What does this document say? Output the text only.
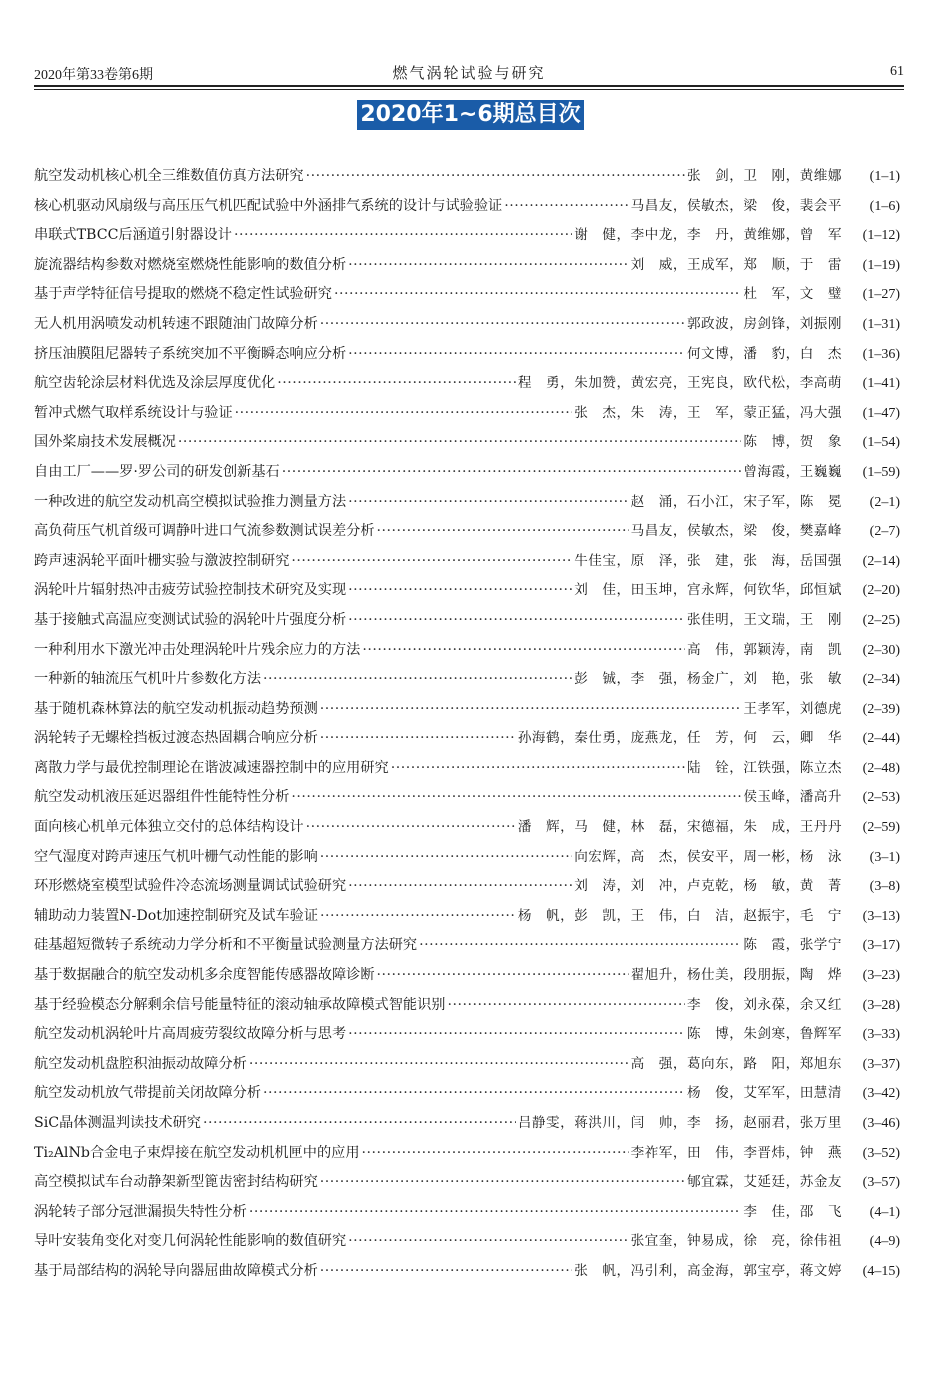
2020年第33卷第6期	燃气涡轮试验与研究	61
2020年1~6期总目次
航空发动机核心机全三维数值仿真方法研究 ·····	张　剑，卫　刚，黄维娜	(1–1)
核心机驱动风扇级与高压压气机匹配试验中外涵排气系统的设计与试验验证 ·····	马昌友，侯敏杰，梁　俊，裴会平	(1–6)
串联式TBCC后涵道引射器设计 ·····	谢　健，李中龙，李　丹，黄维娜，曾　军	(1–12)
旋流器结构参数对燃烧室燃烧性能影响的数值分析 ·····	刘　威，王成军，郑　顺，于　雷	(1–19)
基于声学特征信号提取的燃烧不稳定性试验研究 ·····	杜　军，文　璧	(1–27)
无人机用涡喷发动机转速不跟随油门故障分析 ·····	郭政波，房剑锋，刘振刚	(1–31)
挤压油膜阻尼器转子系统突加不平衡瞬态响应分析 ·····	何文博，潘　豹，白　杰	(1–36)
航空齿轮涂层材料优选及涂层厚度优化 ·····	程　勇，朱加赞，黄宏亮，王宪良，欧代松，李高萌	(1–41)
暂冲式燃气取样系统设计与验证 ·····	张　杰，朱　涛，王　军，蒙正猛，冯大强	(1–47)
国外桨扇技术发展概况 ·····	陈　博，贺　象	(1–54)
自由工厂——罗·罗公司的研发创新基石 ·····	曾海霞，王巍巍	(1–59)
一种改进的航空发动机高空模拟试验推力测量方法 ·····	赵　涌，石小江，宋子军，陈　冕	(2–1)
高负荷压气机首级可调静叶进口气流参数测试误差分析 ·····	马昌友，侯敏杰，梁　俊，樊嘉峰	(2–7)
跨声速涡轮平面叶栅实验与激波控制研究 ·····	牛佳宝，原　泽，张　建，张　海，岳国强	(2–14)
涡轮叶片辐射热冲击疲劳试验控制技术研究及实现 ·····	刘　佳，田玉坤，宫永辉，何钦华，邱恒斌	(2–20)
基于接触式高温应变测试试验的涡轮叶片强度分析 ·····	张佳明，王文瑞，王　刚	(2–25)
一种利用水下激光冲击处理涡轮叶片残余应力的方法 ·····	高　伟，郭颖涛，南　凯	(2–30)
一种新的轴流压气机叶片参数化方法 ·····	彭　铖，李　强，杨金广，刘　艳，张　敏	(2–34)
基于随机森林算法的航空发动机振动趋势预测 ·····	王孝军，刘德虎	(2–39)
涡轮转子无螺栓挡板过渡态热固耦合响应分析 ·····	孙海鹤，秦仕勇，庞燕龙，任　芳，何　云，卿　华	(2–44)
离散力学与最优控制理论在谐波减速器控制中的应用研究 ·····	陆　铨，江铁强，陈立杰	(2–48)
航空发动机液压延迟器组件性能特性分析 ·····	侯玉峰，潘高升	(2–53)
面向核心机单元体独立交付的总体结构设计 ·····	潘　辉，马　健，林　磊，宋德福，朱　成，王丹丹	(2–59)
空气湿度对跨声速压气机叶栅气动性能的影响 ·····	向宏辉，高　杰，侯安平，周一彬，杨　泳	(3–1)
环形燃烧室模型试验件冷态流场测量调试试验研究 ·····	刘　涛，刘　冲，卢克乾，杨　敏，黄　菁	(3–8)
辅助动力装置N-Dot加速控制研究及试车验证 ·····	杨　帆，彭　凯，王　伟，白　洁，赵振宇，毛　宁	(3–13)
硅基超短微转子系统动力学分析和不平衡量试验测量方法研究 ·····	陈　霞，张学宁	(3–17)
基于数据融合的航空发动机多余度智能传感器故障诊断 ·····	翟旭升，杨仕美，段朋振，陶　烨	(3–23)
基于经验模态分解剩余信号能量特征的滚动轴承故障模式智能识别 ·····	李　俊，刘永葆，余又红	(3–28)
航空发动机涡轮叶片高周疲劳裂纹故障分析与思考 ·····	陈　博，朱剑寒，鲁辉军	(3–33)
航空发动机盘腔积油振动故障分析 ·····	高　强，葛向东，路　阳，郑旭东	(3–37)
航空发动机放气带提前关闭故障分析 ·····	杨　俊，艾军军，田慧清	(3–42)
SiC晶体测温判读技术研究 ·····	吕静雯，蒋洪川，闫　帅，李　扬，赵丽君，张万里	(3–46)
Ti₂AlNb合金电子束焊接在航空发动机机匣中的应用 ·····	李祚军，田　伟，李晋炜，钟　燕	(3–52)
高空模拟试车台动静架新型篦齿密封结构研究 ·····	郇宜霖，艾延廷，苏金友	(3–57)
涡轮转子部分冠泄漏损失特性分析 ·····	李　佳，邵　飞	(4–1)
导叶安装角变化对变几何涡轮性能影响的数值研究 ·····	张宜奎，钟易成，徐　亮，徐伟祖	(4–9)
基于局部结构的涡轮导向器屈曲故障模式分析 ·····	张　帆，冯引利，高金海，郭宝亭，蒋文婷	(4–15)
